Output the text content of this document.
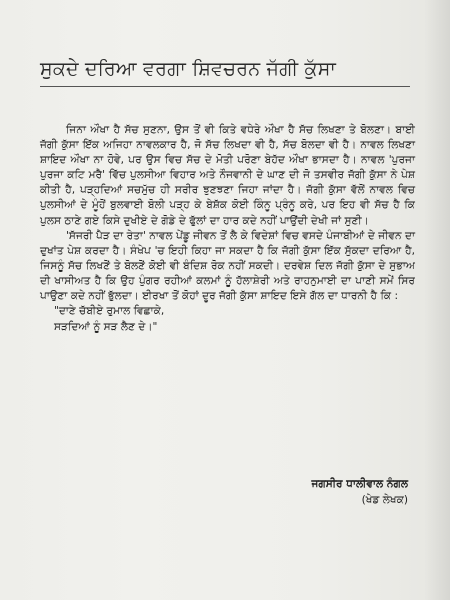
ਸੁਕਦੇ ਦਰਿਆ ਵਰਗਾ ਸ਼ਿਵਚਰਨ ਜੱਗੀ ਕੁੱਸਾ

ਜਿਨਾ ਔਖਾ ਹੈ ਸੱਚ ਸੁਣਨਾ, ਉਸ ਤੋਂ ਵੀ ਕਿਤੇ ਵਧੇਰੇ ਔਖਾ ਹੈ ਸੱਚ ਲਿਖਣਾ ਤੇ ਬੋਲਣਾ। ਬਾਈ ਜੱਗੀ ਕੁੱਸਾ ਇੱਕ ਅਜਿਹਾ ਨਾਵਲਕਾਰ ਹੈ, ਜੋ ਸੱਚ ਲਿਖਦਾ ਵੀ ਹੈ, ਸੱਚ ਬੋਲਦਾ ਵੀ ਹੈ। ਨਾਵਲ ਲਿਖਣਾ ਸ਼ਾਇਦ ਔਖਾ ਨਾ ਹੋਵੇ, ਪਰ ਉਸ ਵਿਚ ਸੱਚ ਦੇ ਮੋਤੀ ਪਰੋਣਾ ਬੇਹੱਦ ਔਖਾ ਭਾਸਦਾ ਹੈ। ਨਾਵਲ 'ਪੁਰਜਾ ਪੁਰਜਾ ਕਟਿ ਮਰੈ' ਵਿੱਚ ਪੁਲਸੀਆ ਵਿਹਾਰ ਅਤੇ ਨੌਜਵਾਨੀ ਦੇ ਘਾਣ ਦੀ ਜੋ ਤਸਵੀਰ ਜੱਗੀ ਕੁੱਸਾ ਨੇ ਪੇਸ਼ ਕੀਤੀ ਹੈ, ਪੜ੍ਹਦਿਆਂ ਸਚਮੁੱਚ ਹੀ ਸਰੀਰ ਝੁਣਝਣਾ ਜਿਹਾ ਜਾਂਦਾ ਹੈ। ਜੱਗੀ ਕੁੱਸਾ ਵੱਲੋਂ ਨਾਵਲ ਵਿਚ ਪੁਲਸੀਆਂ ਦੇ ਮੂੰਹੋਂ ਬੁਲਵਾਈ ਬੋਲੀ ਪੜ੍ਹ ਕੇ ਬੇਸ਼ੱਕ ਕੋਈ ਕਿੰਨੂ ਪ੍ਰੰਨੂ ਕਰੇ, ਪਰ ਇਹ ਵੀ ਸੱਚ ਹੈ ਕਿ ਪੁਲਸ ਠਾਣੇ ਗਏ ਕਿਸੇ ਦੁਖੀਏ ਦੇ ਗੋਡੇ ਦੇ ਫੁੱਲਾਂ ਦਾ ਹਾਰ ਕਦੇ ਨਹੀਂ ਪਾਉਂਦੀ ਦੇਖੀ ਜਾਂ ਸੁਣੀ।

'ਸੱਜਰੀ ਪੈੜ ਦਾ ਰੇਤਾ' ਨਾਵਲ ਪੇਂਡੂ ਜੀਵਨ ਤੋਂ ਲੈ ਕੇ ਵਿਦੇਸ਼ਾਂ ਵਿਚ ਵਸਦੇ ਪੰਜਾਬੀਆਂ ਦੇ ਜੀਵਨ ਦਾ ਦੁਖਾਂਤ ਪੇਸ਼ ਕਰਦਾ ਹੈ। ਸੰਖੇਪ 'ਚ ਇਹੀ ਕਿਹਾ ਜਾ ਸਕਦਾ ਹੈ ਕਿ ਜੱਗੀ ਕੁੱਸਾ ਇੱਕ ਸੁੱਕਦਾ ਦਰਿਆ ਹੈ, ਜਿਸਨੂੰ ਸੱਚ ਲਿਖਣੋਂ ਤੇ ਬੋਲਣੋਂ ਕੋਈ ਵੀ ਬੰਦਿਸ਼ ਰੋਕ ਨਹੀਂ ਸਕਦੀ। ਦਰਵੇਸ਼ ਦਿਲ ਜੱਗੀ ਕੁੱਸਾ ਦੇ ਸੁਭਾਅ ਦੀ ਖਾਸੀਅਤ ਹੈ ਕਿ ਉਹ ਪੁੰਗਰ ਰਹੀਆਂ ਕਲਮਾਂ ਨੂੰ ਹੱਲਾਸ਼ੇਰੀ ਅਤੇ ਰਾਹਨੁਮਾਈ ਦਾ ਪਾਣੀ ਸਮੇਂ ਸਿਰ ਪਾਉਣਾ ਕਦੇ ਨਹੀਂ ਭੁੱਲਦਾ। ਈਰਖਾ ਤੋਂ ਕੋਹਾਂ ਦੂਰ ਜੱਗੀ ਕੁੱਸਾ ਸ਼ਾਇਦ ਇਸੇ ਗੱਲ ਦਾ ਧਾਰਨੀ ਹੈ ਕਿ :

"ਦਾਣੇ ਚੱਬੀਏ ਰੁਮਾਲ ਵਿਛਾਕੇ,
ਸੜਦਿਆਂ ਨੂੰ ਸੜ ਲੈਣ ਦੇ।"
ਜਗਸੀਰ ਧਾਲੀਵਾਲ ਨੰਗਲ
(ਖੇਡ ਲੇਖਕ)
